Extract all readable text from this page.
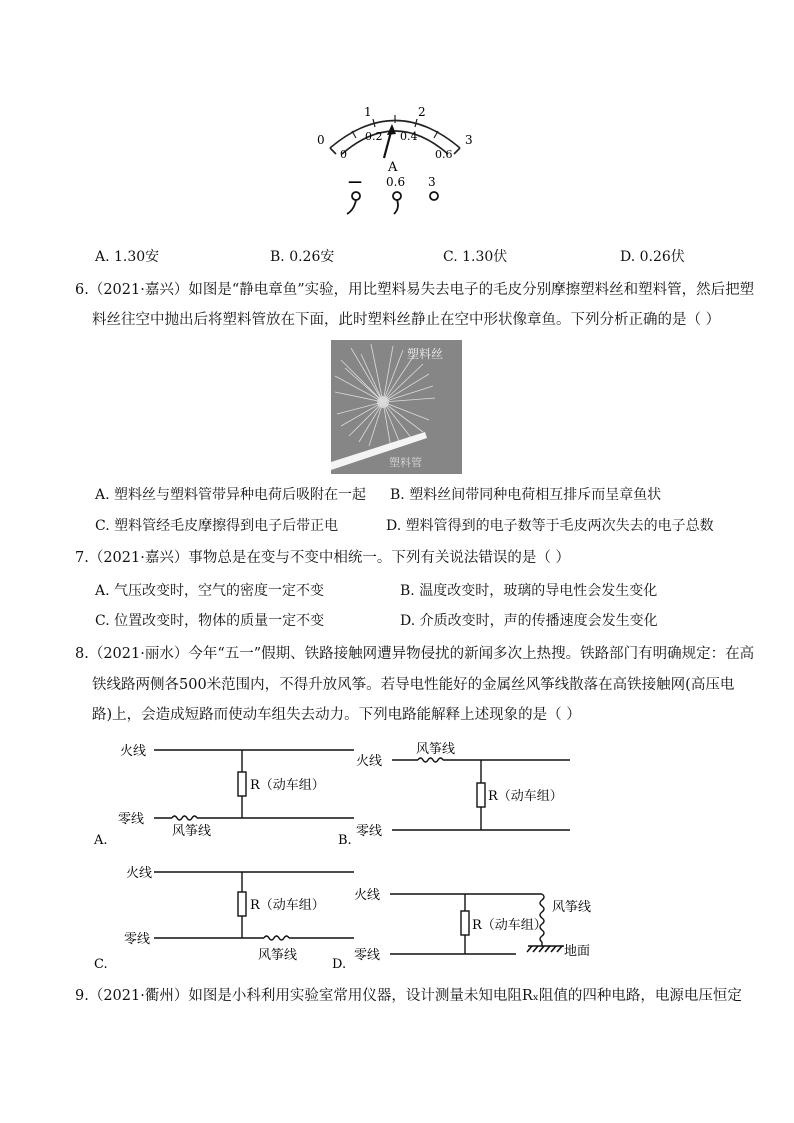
0
1	2
3
0
0.2 0.4
0.6
A
— 0.6 3
A. 1.30安	B. 0.26安	C. 1.30伏	D. 0.26伏
6.（2021·嘉兴）如图是“静电章鱼”实验，用比塑料易失去电子的毛皮分别摩擦塑料丝和塑料管，然后把塑
料丝往空中抛出后将塑料管放在下面，此时塑料丝静止在空中形状像章鱼。下列分析正确的是（ ）
塑料丝
塑料管
A. 塑料丝与塑料管带异种电荷后吸附在一起 B. 塑料丝间带同种电荷相互排斥而呈章鱼状
C. 塑料管经毛皮摩擦得到电子后带正电	D. 塑料管得到的电子数等于毛皮两次失去的电子总数
7.（2021·嘉兴）事物总是在变与不变中相统一。下列有关说法错误的是（ ）
A. 气压改变时，空气的密度一定不变	B. 温度改变时，玻璃的导电性会发生变化
C. 位置改变时，物体的质量一定不变	D. 介质改变时，声的传播速度会发生变化
8.（2021·丽水）今年“五一”假期、铁路接触网遭异物侵扰的新闻多次上热搜。铁路部门有明确规定：在高
铁线路两侧各500米范围内，不得升放风筝。若导电性能好的金属丝风筝线散落在高铁接触网(高压电
路)上，会造成短路而使动车组失去动力。下列电路能解释上述现象的是（ ）
火线
零线
R（动车组）
风筝线
A.
风筝线
火线
零线
R（动车组）
B.
火线
零线
R（动车组）
风筝线
C.
火线
零线
R（动车组）
风筝线
地面
D.
9.（2021·衢州）如图是小科利用实验室常用仪器，设计测量未知电阻Rₓ阻值的四种电路，电源电压恒定
